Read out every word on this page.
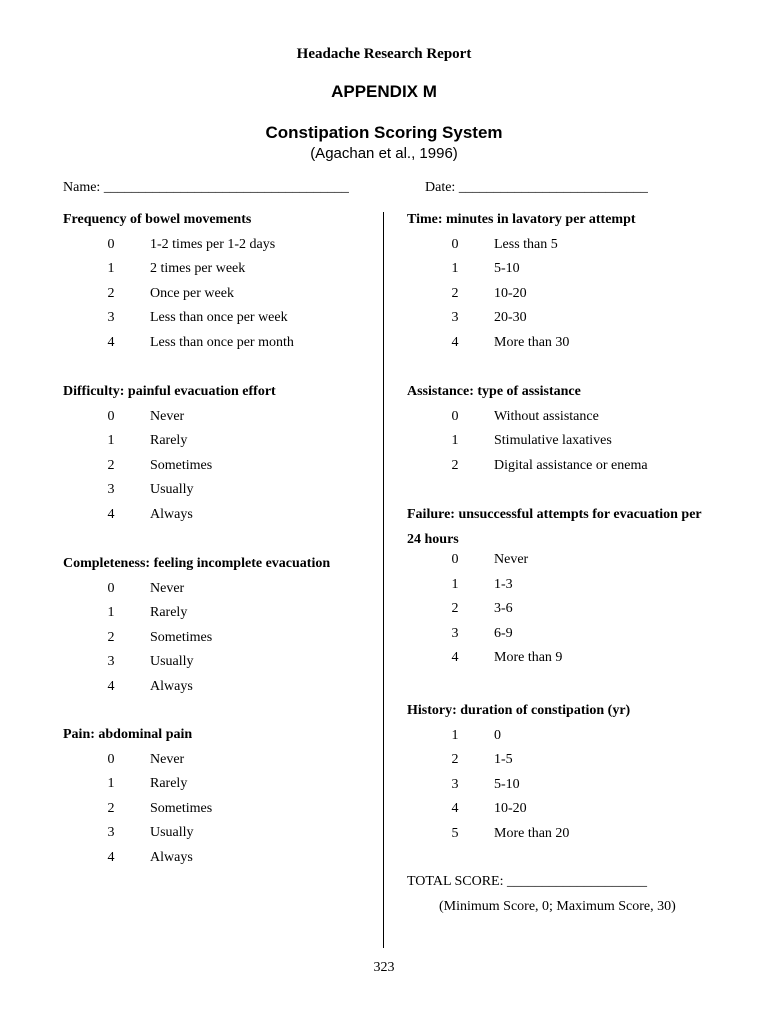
Headache Research Report
APPENDIX M
Constipation Scoring System
(Agachan et al., 1996)
Name: ___________________________________	Date: ___________________________
Frequency of bowel movements
0	1-2 times per 1-2 days
1	2 times per week
2	Once per week
3	Less than once per week
4	Less than once per month
Difficulty: painful evacuation effort
0	Never
1	Rarely
2	Sometimes
3	Usually
4	Always
Completeness: feeling incomplete evacuation
0	Never
1	Rarely
2	Sometimes
3	Usually
4	Always
Pain: abdominal pain
0	Never
1	Rarely
2	Sometimes
3	Usually
4	Always
Time: minutes in lavatory per attempt
0	Less than 5
1	5-10
2	10-20
3	20-30
4	More than 30
Assistance: type of assistance
0	Without assistance
1	Stimulative laxatives
2	Digital assistance or enema
Failure: unsuccessful attempts for evacuation per 24 hours
0	Never
1	1-3
2	3-6
3	6-9
4	More than 9
History: duration of constipation (yr)
1	0
2	1-5
3	5-10
4	10-20
5	More than 20
TOTAL SCORE: ____________________
(Minimum Score, 0; Maximum Score, 30)
323
